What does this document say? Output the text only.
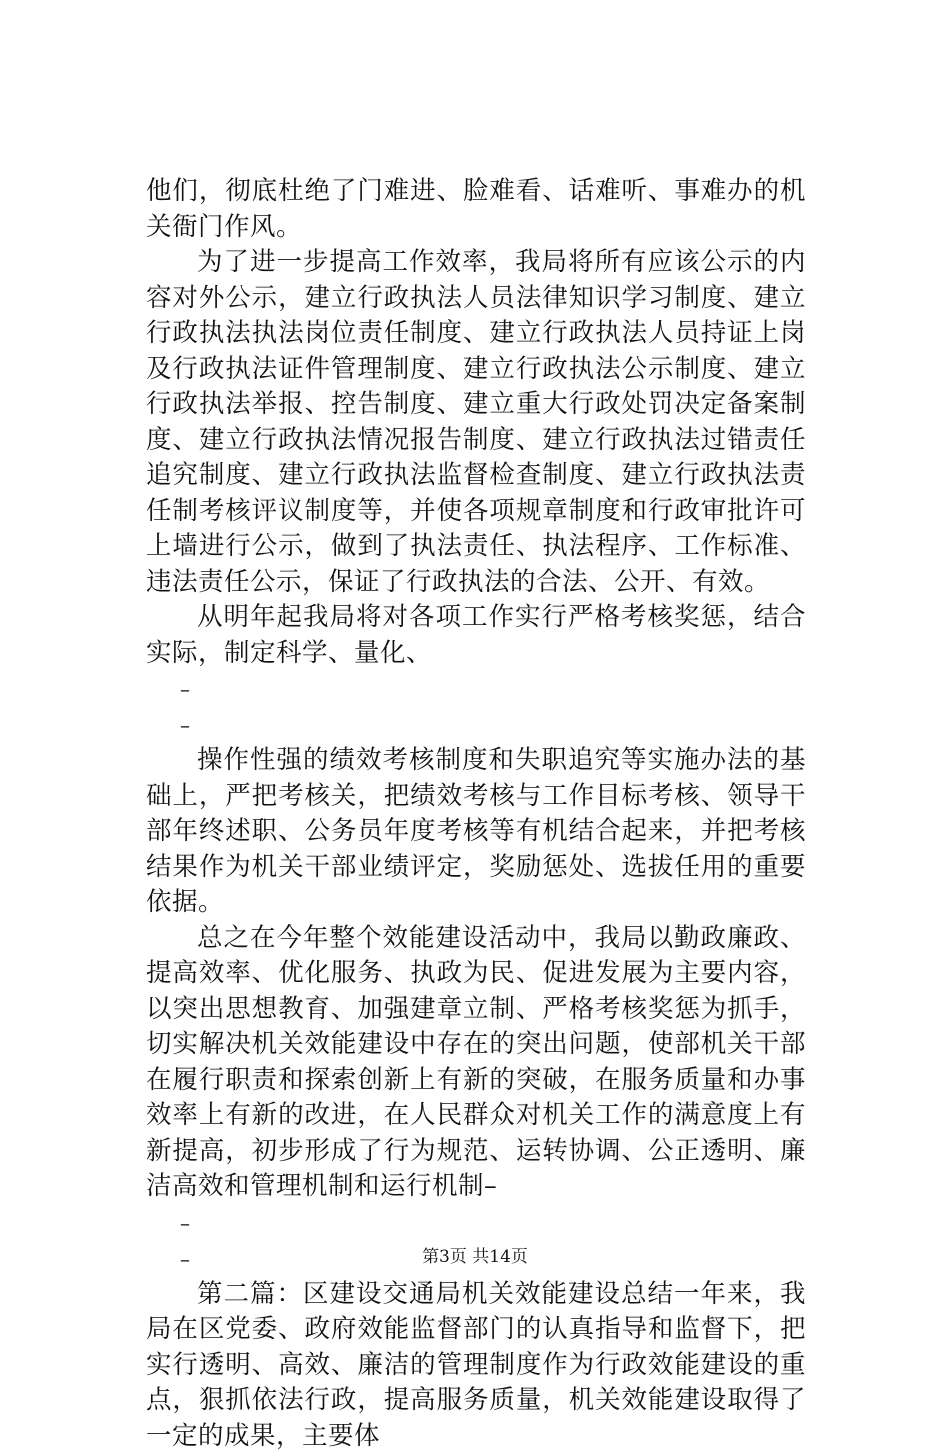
他们，彻底杜绝了门难进、脸难看、话难听、事难办的机关衙门作风。

为了进一步提高工作效率，我局将所有应该公示的内容对外公示，建立行政执法人员法律知识学习制度、建立行政执法执法岗位责任制度、建立行政执法人员持证上岗及行政执法证件管理制度、建立行政执法公示制度、建立行政执法举报、控告制度、建立重大行政处罚决定备案制度、建立行政执法情况报告制度、建立行政执法过错责任追究制度、建立行政执法监督检查制度、建立行政执法责任制考核评议制度等，并使各项规章制度和行政审批许可上墙进行公示，做到了执法责任、执法程序、工作标准、违法责任公示，保证了行政执法的合法、公开、有效。

从明年起我局将对各项工作实行严格考核奖惩，结合实际，制定科学、量化、

–

–

操作性强的绩效考核制度和失职追究等实施办法的基础上，严把考核关，把绩效考核与工作目标考核、领导干部年终述职、公务员年度考核等有机结合起来，并把考核结果作为机关干部业绩评定，奖励惩处、选拔任用的重要依据。

总之在今年整个效能建设活动中，我局以勤政廉政、提高效率、优化服务、执政为民、促进发展为主要内容，以突出思想教育、加强建章立制、严格考核奖惩为抓手，切实解决机关效能建设中存在的突出问题，使部机关干部在履行职责和探索创新上有新的突破，在服务质量和办事效率上有新的改进，在人民群众对机关工作的满意度上有新提高，初步形成了行为规范、运转协调、公正透明、廉洁高效和管理机制和运行机制–

–

–

第二篇：区建设交通局机关效能建设总结一年来，我局在区党委、政府效能监督部门的认真指导和监督下，把实行透明、高效、廉洁的管理制度作为行政效能建设的重点，狠抓依法行政，提高服务质量，机关效能建设取得了一定的成果，主要体

第3页 共14页
